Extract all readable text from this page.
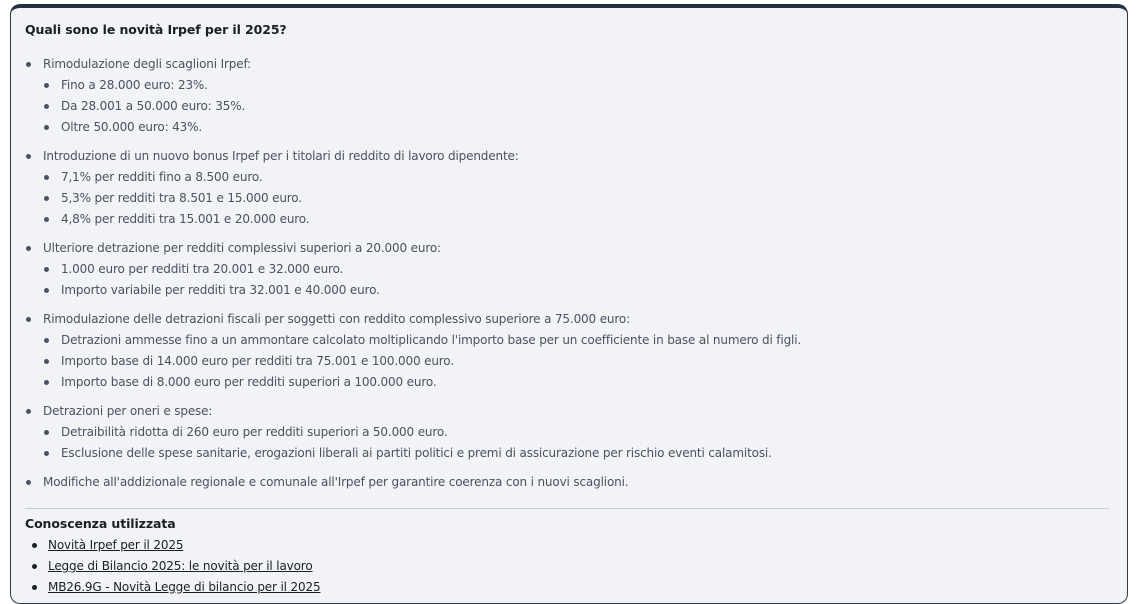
Quali sono le novità Irpef per il 2025?
Rimodulazione degli scaglioni Irpef:
Fino a 28.000 euro: 23%.
Da 28.001 a 50.000 euro: 35%.
Oltre 50.000 euro: 43%.
Introduzione di un nuovo bonus Irpef per i titolari di reddito di lavoro dipendente:
7,1% per redditi fino a 8.500 euro.
5,3% per redditi tra 8.501 e 15.000 euro.
4,8% per redditi tra 15.001 e 20.000 euro.
Ulteriore detrazione per redditi complessivi superiori a 20.000 euro:
1.000 euro per redditi tra 20.001 e 32.000 euro.
Importo variabile per redditi tra 32.001 e 40.000 euro.
Rimodulazione delle detrazioni fiscali per soggetti con reddito complessivo superiore a 75.000 euro:
Detrazioni ammesse fino a un ammontare calcolato moltiplicando l'importo base per un coefficiente in base al numero di figli.
Importo base di 14.000 euro per redditi tra 75.001 e 100.000 euro.
Importo base di 8.000 euro per redditi superiori a 100.000 euro.
Detrazioni per oneri e spese:
Detraibilità ridotta di 260 euro per redditi superiori a 50.000 euro.
Esclusione delle spese sanitarie, erogazioni liberali ai partiti politici e premi di assicurazione per rischio eventi calamitosi.
Modifiche all'addizionale regionale e comunale all'Irpef per garantire coerenza con i nuovi scaglioni.
Conoscenza utilizzata
Novità Irpef per il 2025
Legge di Bilancio 2025: le novità per il lavoro
MB26.9G - Novità Legge di bilancio per il 2025
